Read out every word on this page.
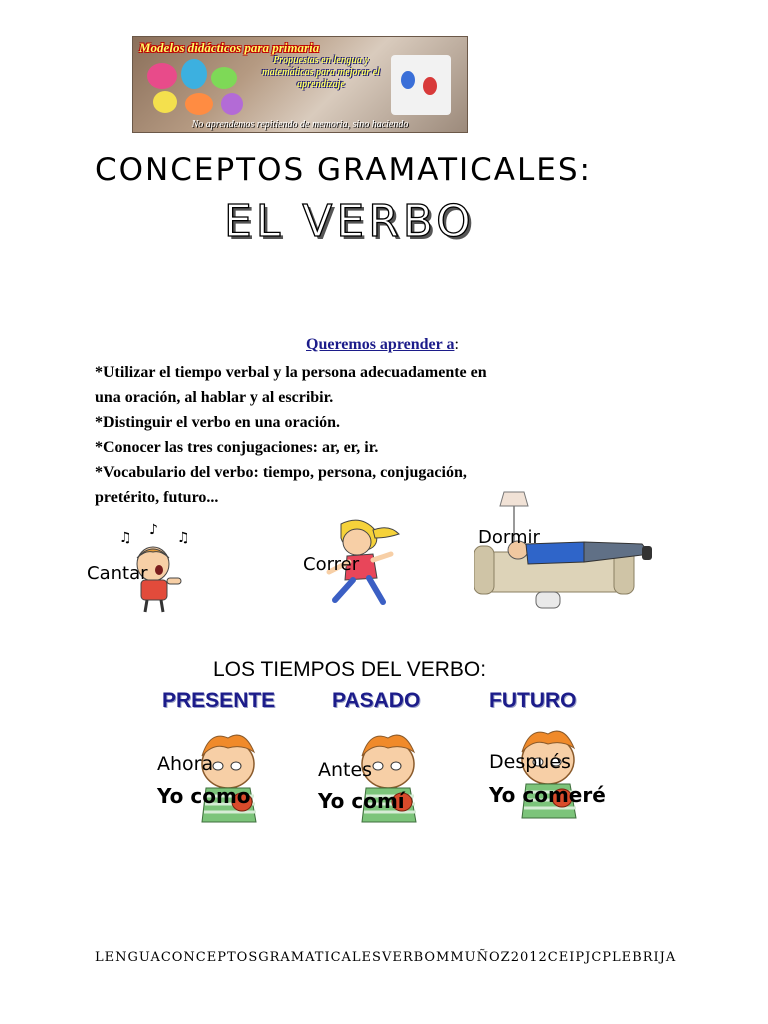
Modelos didácticos para primaria
Propuestas en lengua y matemáticas para mejorar el aprendizaje
No aprendemos repitiendo de memoria, sino haciendo
CONCEPTOS GRAMATICALES:
EL VERBO
Queremos aprender a:
*Utilizar el tiempo verbal y la persona adecuadamente en
una oración, al hablar y al escribir.
*Distinguir el verbo en una oración.
*Conocer las tres conjugaciones: ar, er, ir.
*Vocabulario del verbo: tiempo, persona, conjugación,
pretérito, futuro...
♫ ♪ ♫
Cantar	Correr
Dormir
LOS TIEMPOS DEL VERBO:
PRESENTE	PASADO	FUTURO
Ahora	Antes	Después
Yo como	Yo comí	Yo comeré
LENGUACONCEPTOSGRAMATICALESVERBOMMUÑOZ2012CEIPJCPLEBRIJA
